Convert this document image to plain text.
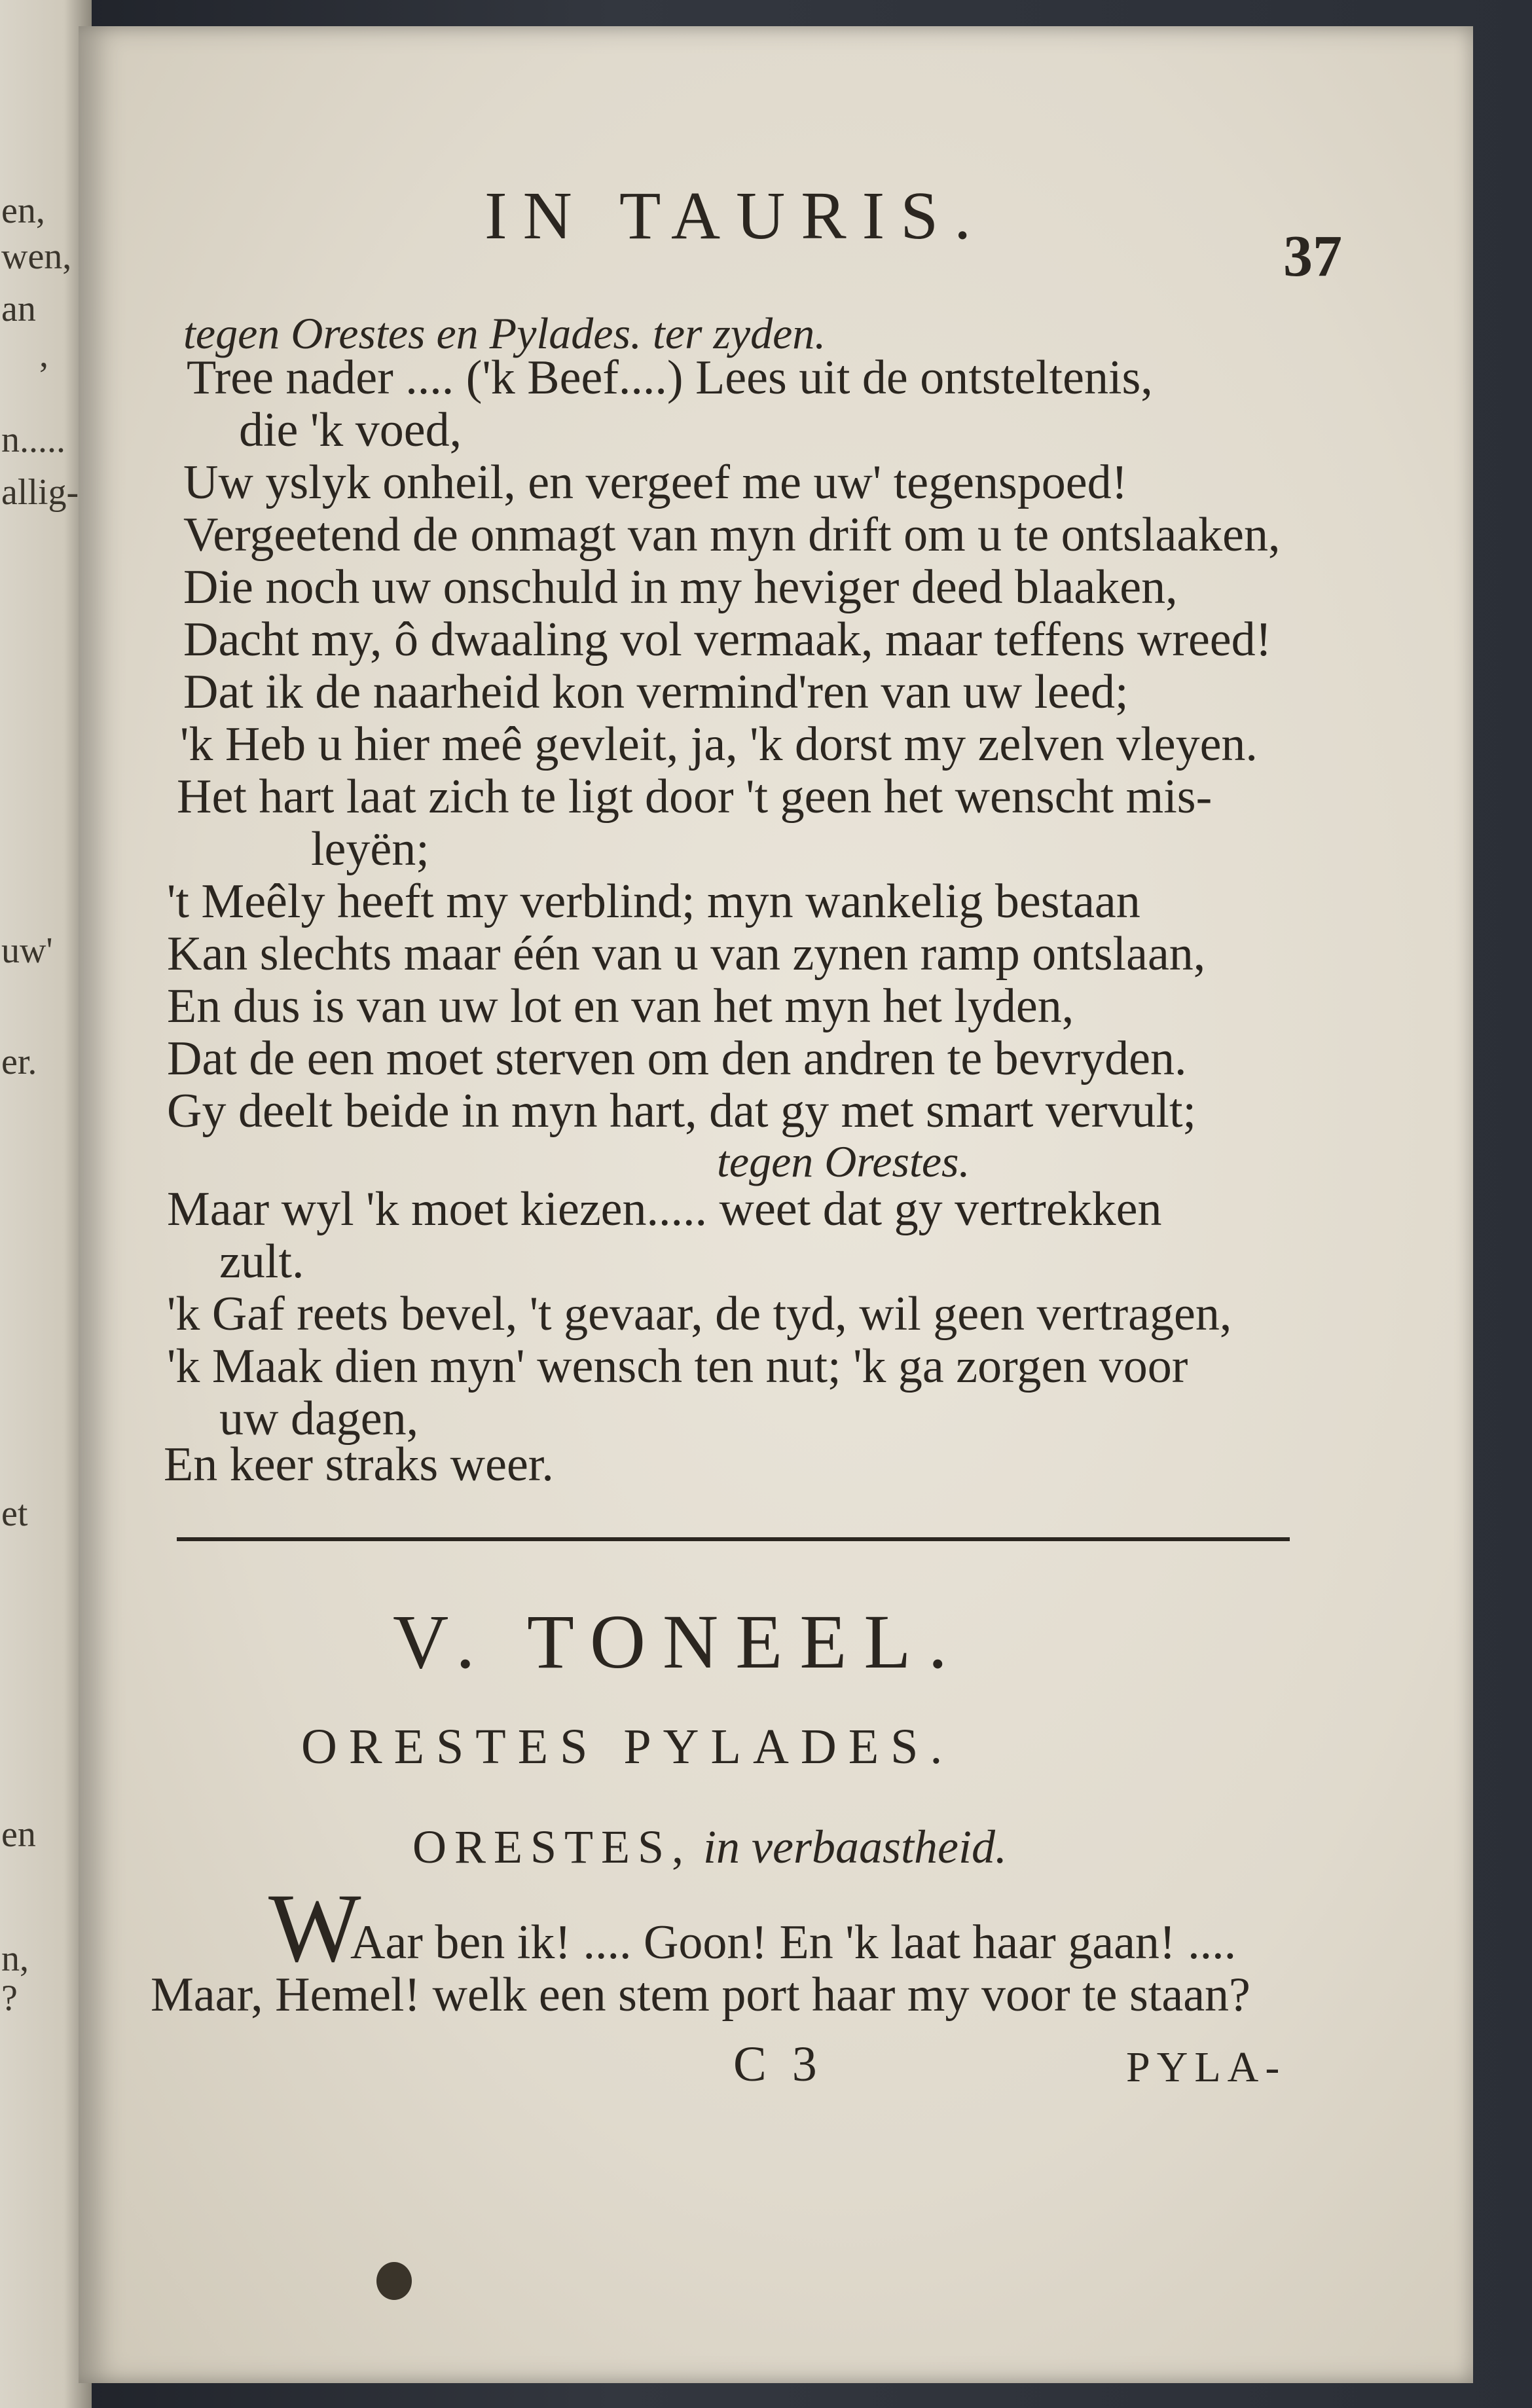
en,
wen,
an
,
n.....
allig-
uw'
er.
et
en
n,
?
IN TAURIS.
37
tegen Orestes en Pylades. ter zyden.
Tree nader .... ('k Beef....) Lees uit de ontsteltenis,
die 'k voed,
Uw yslyk onheil, en vergeef me uw' tegenspoed!
Vergeetend de onmagt van myn drift om u te ontslaaken,
Die noch uw onschuld in my heviger deed blaaken,
Dacht my, ô dwaaling vol vermaak, maar teffens wreed!
Dat ik de naarheid kon vermind'ren van uw leed;
'k Heb u hier meê gevleit, ja, 'k dorst my zelven vleyen.
Het hart laat zich te ligt door 't geen het wenscht mis-
leyën;
't Meêly heeft my verblind; myn wankelig bestaan
Kan slechts maar één van u van zynen ramp ontslaan,
En dus is van uw lot en van het myn het lyden,
Dat de een moet sterven om den andren te bevryden.
Gy deelt beide in myn hart, dat gy met smart vervult;
tegen Orestes.
Maar wyl 'k moet kiezen..... weet dat gy vertrekken
zult.
'k Gaf reets bevel, 't gevaar, de tyd, wil geen vertragen,
'k Maak dien myn' wensch ten nut; 'k ga zorgen voor
uw dagen,
En keer straks weer.
V. TONEEL.
ORESTES PYLADES.
ORESTES, in verbaastheid.
W
Aar ben ik! .... Goon! En 'k laat haar gaan! ....
Maar, Hemel! welk een stem port haar my voor te staan?
C 3	PYLA-
